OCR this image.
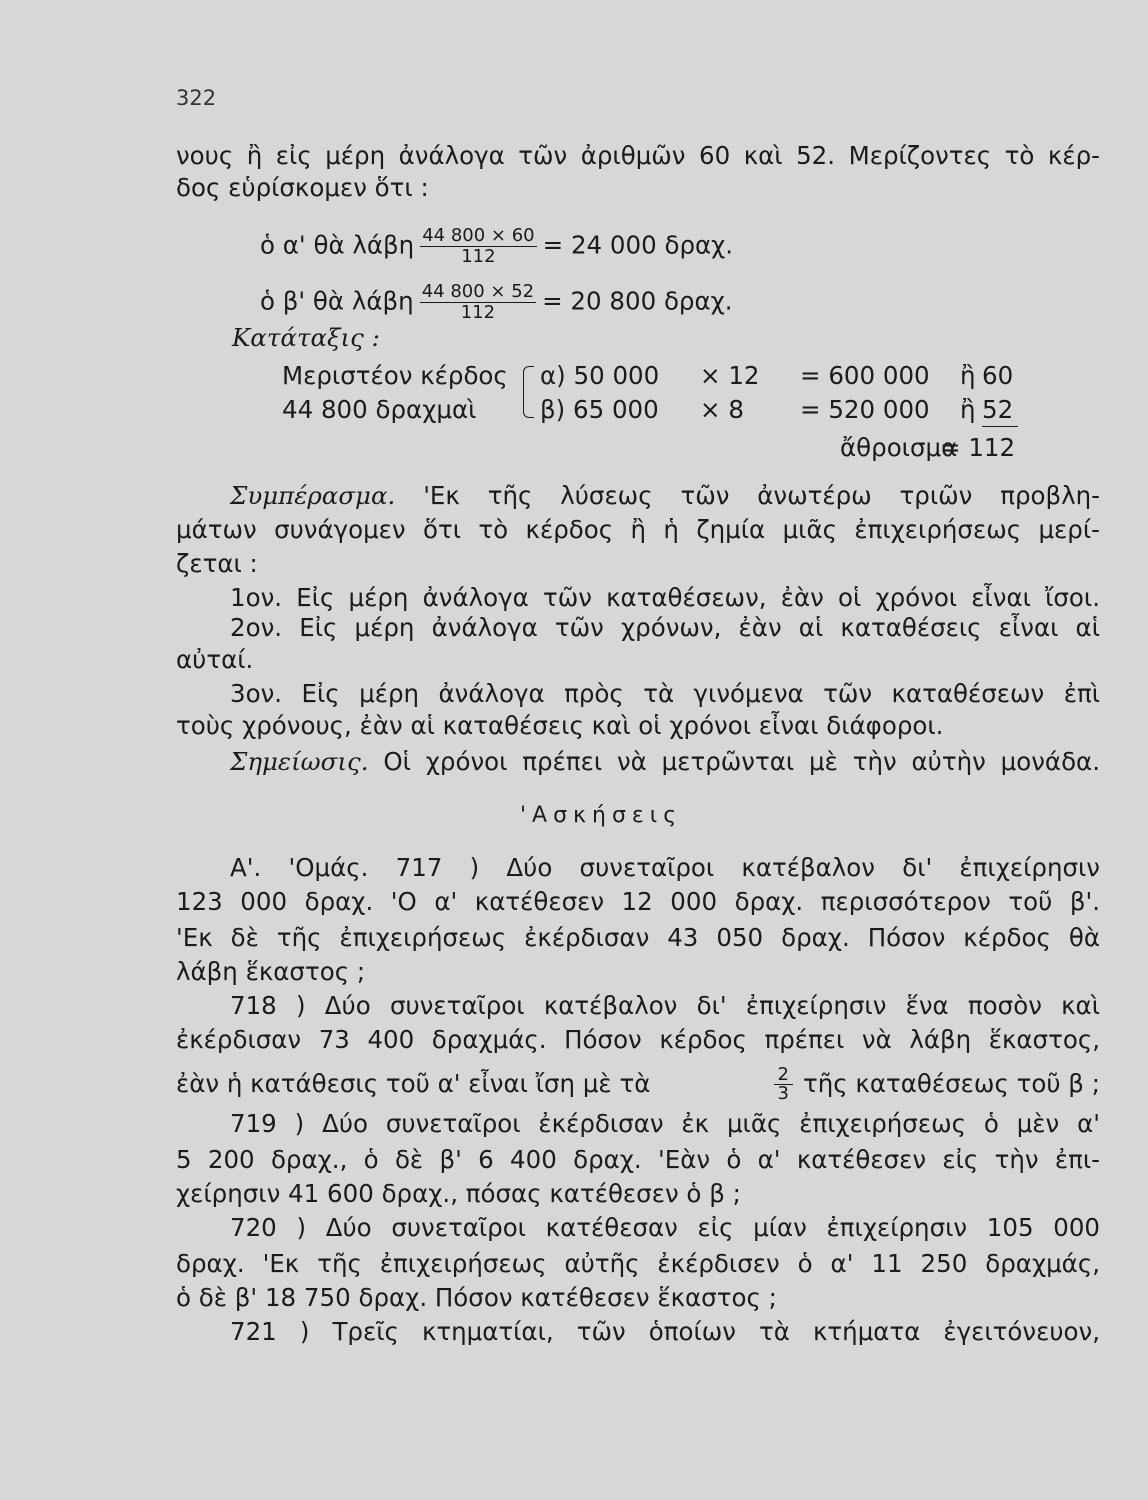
322
νους ἢ εἰς μέρη ἀνάλογα τῶν ἀριθμῶν 60 καὶ 52. Μερίζοντες τὸ κέρ-
δος εὑρίσκομεν ὅτι :
ὁ α' θὰ λάβη $\frac{44 800 \times 60}{112} = 24$ 000 δραχ.
ὁ β' θὰ λάβη $\frac{44 800 \times 52}{112} = 20$ 800 δραχ.
Κατάταξις :
Μεριστέον κέρδος
44 800 δραχμαὶ
α) 50 000 × 12 = 600 000 ἢ 60
β) 65 000 × 8 = 520 000 ἢ 52
ἄθροισμα
= 112
Συμπέρασμα. 'Εκ τῆς λύσεως τῶν ἀνωτέρω τριῶν προβλη-
μάτων συνάγομεν ὅτι τὸ κέρδος ἢ ἡ ζημία μιᾶς ἐπιχειρήσεως μερί-
ζεται :
1ον. Εἰς μέρη ἀνάλογα τῶν καταθέσεων, ἐὰν οἱ χρόνοι εἶναι ἴσοι.
2ον. Εἰς μέρη ἀνάλογα τῶν χρόνων, ἐὰν αἱ καταθέσεις εἶναι αἱ
αὐταί.
3ον. Εἰς μέρη ἀνάλογα πρὸς τὰ γινόμενα τῶν καταθέσεων ἐπὶ
τοὺς χρόνους, ἐὰν αἱ καταθέσεις καὶ οἱ χρόνοι εἶναι διάφοροι.
Σημείωσις. Οἱ χρόνοι πρέπει νὰ μετρῶνται μὲ τὴν αὐτὴν μονάδα.
'Ασκήσεις
Α'. 'Ομάς. 717 ) Δύο συνεταῖροι κατέβαλον δι' ἐπιχείρησιν
123 000 δραχ. 'Ο α' κατέθεσεν 12 000 δραχ. περισσότερον τοῦ β'.
'Εκ δὲ τῆς ἐπιχειρήσεως ἐκέρδισαν 43 050 δραχ. Πόσον κέρδος θὰ
λάβη ἕκαστος ;
718 ) Δύο συνεταῖροι κατέβαλον δι' ἐπιχείρησιν ἕνα ποσὸν καὶ
ἐκέρδισαν 73 400 δραχμάς. Πόσον κέρδος πρέπει νὰ λάβη ἕκαστος,
ἐὰν ἡ κατάθεσις τοῦ α' εἶναι ἴση μὲ τὰ	$\frac{2}{3}$ τῆς καταθέσεως τοῦ β ;
719 ) Δύο συνεταῖροι ἐκέρδισαν ἐκ μιᾶς ἐπιχειρήσεως ὁ μὲν α'
5 200 δραχ., ὁ δὲ β' 6 400 δραχ. 'Εὰν ὁ α' κατέθεσεν εἰς τὴν ἐπι-
χείρησιν 41 600 δραχ., πόσας κατέθεσεν ὁ β ;
720 ) Δύο συνεταῖροι κατέθεσαν εἰς μίαν ἐπιχείρησιν 105 000
δραχ. 'Εκ τῆς ἐπιχειρήσεως αὐτῆς ἐκέρδισεν ὁ α' 11 250 δραχμάς,
ὁ δὲ β' 18 750 δραχ. Πόσον κατέθεσεν ἕκαστος ;
721 ) Τρεῖς κτηματίαι, τῶν ὁποίων τὰ κτήματα ἐγειτόνευον,
